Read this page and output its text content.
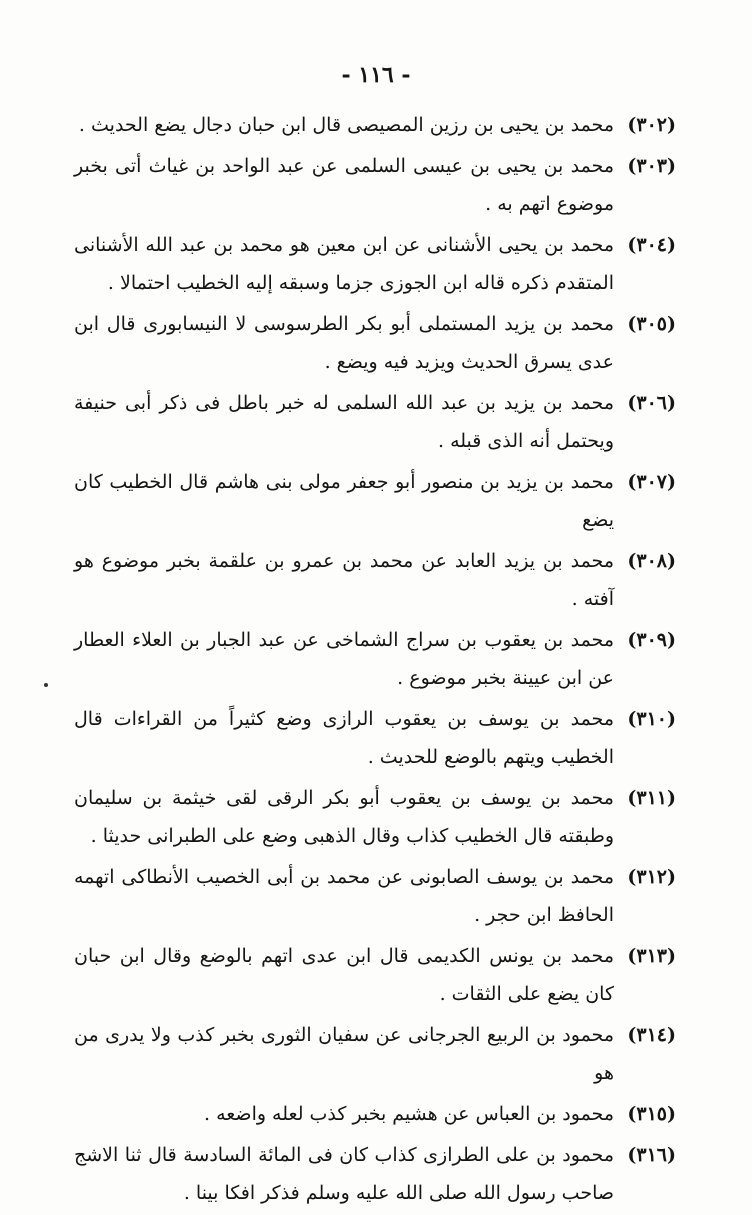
- ١١٦ -
(٣٠٢)
محمد بن يحيى بن رزين المصيصى قال ابن حبان دجال يضع الحديث .
(٣٠٣)
محمد بن يحيى بن عيسى السلمى عن عبد الواحد بن غياث أتى بخبر موضوع اتهم به .
(٣٠٤)
محمد بن يحيى الأشنانى عن ابن معين هو محمد بن عبد الله الأشنانى المتقدم ذكره قاله ابن الجوزى جزما وسبقه إليه الخطيب احتمالا .
(٣٠٥)
محمد بن يزيد المستملى أبو بكر الطرسوسى لا النيسابورى قال ابن عدى يسرق الحديث ويزيد فيه ويضع .
(٣٠٦)
محمد بن يزيد بن عبد الله السلمى له خبر باطل فى ذكر أبى حنيفة ويحتمل أنه الذى قبله .
(٣٠٧)
محمد بن يزيد بن منصور أبو جعفر مولى بنى هاشم قال الخطيب كان يضع
(٣٠٨)
محمد بن يزيد العابد عن محمد بن عمرو بن علقمة بخبر موضوع هو آفته .
(٣٠٩)
محمد بن يعقوب بن سراج الشماخى عن عبد الجبار بن العلاء العطار عن ابن عيينة بخبر موضوع .
(٣١٠)
محمد بن يوسف بن يعقوب الرازى وضع كثيراً من القراءات قال الخطيب ويتهم بالوضع للحديث .
(٣١١)
محمد بن يوسف بن يعقوب أبو بكر الرقى لقى خيثمة بن سليمان وطبقته قال الخطيب كذاب وقال الذهبى وضع على الطبرانى حديثا .
(٣١٢)
محمد بن يوسف الصابونى عن محمد بن أبى الخصيب الأنطاكى اتهمه الحافظ ابن حجر .
(٣١٣)
محمد بن يونس الكديمى قال ابن عدى اتهم بالوضع وقال ابن حبان كان يضع على الثقات .
(٣١٤)
محمود بن الربيع الجرجانى عن سفيان الثورى بخبر كذب ولا يدرى من هو
(٣١٥)
محمود بن العباس عن هشيم بخبر كذب لعله واضعه .
(٣١٦)
محمود بن على الطرازى كذاب كان فى المائة السادسة قال ثنا الاشج صاحب رسول الله صلى الله عليه وسلم فذكر افكا بينا .
